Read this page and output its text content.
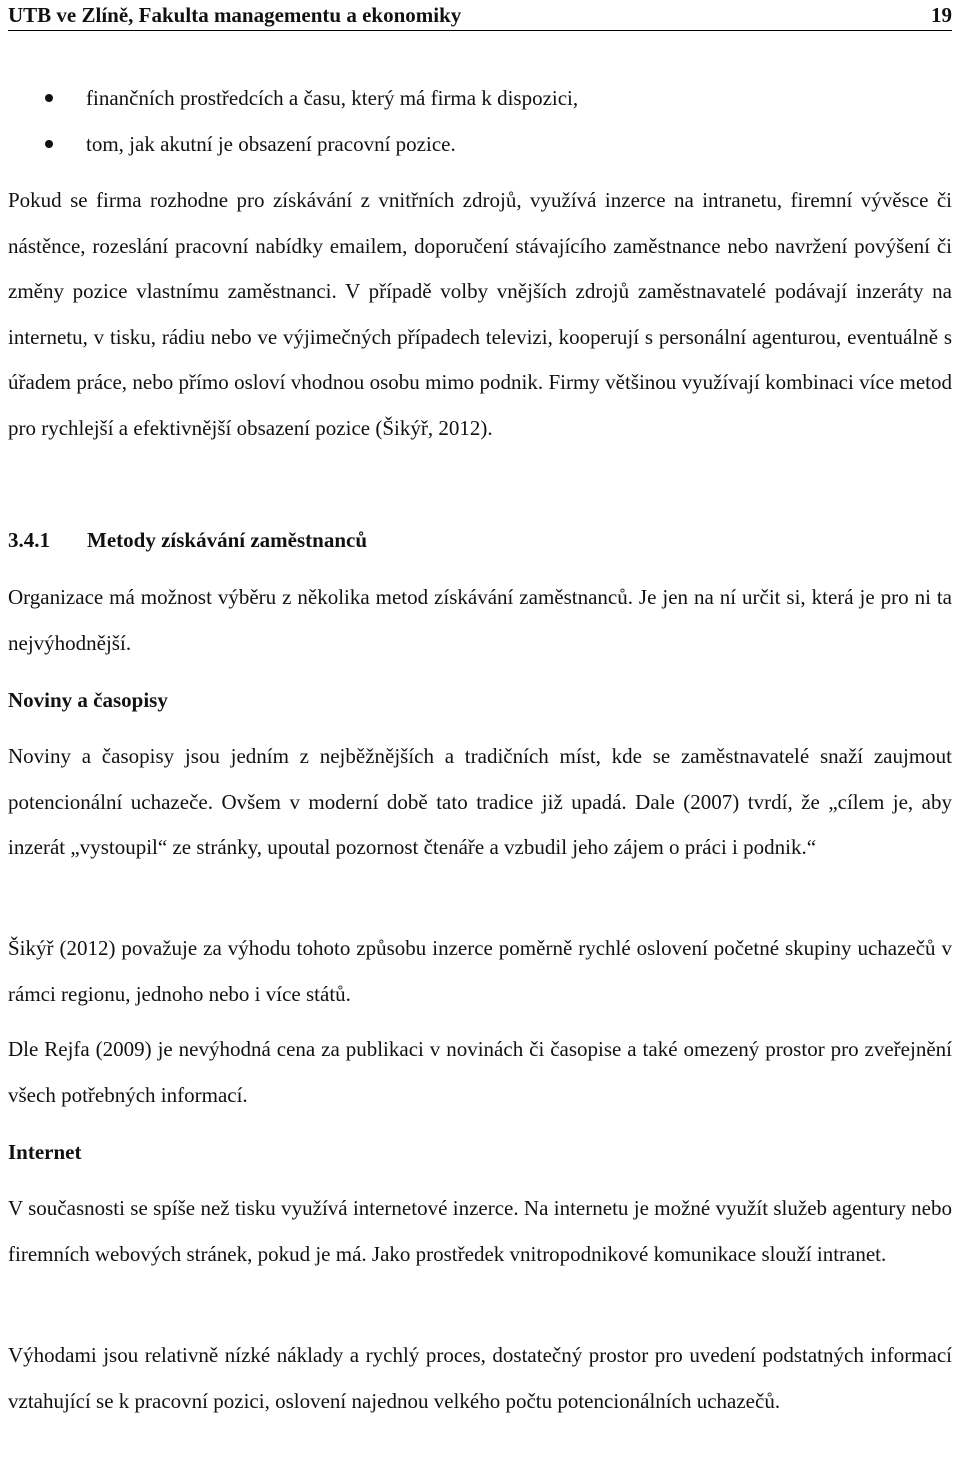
UTB ve Zlíně, Fakulta managementu a ekonomiky	19
finančních prostředcích a času, který má firma k dispozici,
tom, jak akutní je obsazení pracovní pozice.

Pokud se firma rozhodne pro získávání z vnitřních zdrojů, využívá inzerce na intranetu, firemní vývěsce či nástěnce, rozeslání pracovní nabídky emailem, doporučení stávajícího zaměstnance nebo navržení povýšení či změny pozice vlastnímu zaměstnanci. V případě volby vnějších zdrojů zaměstnavatelé podávají inzeráty na internetu, v tisku, rádiu nebo ve výjimečných případech televizi, kooperují s personální agenturou, eventuálně s úřadem práce, nebo přímo osloví vhodnou osobu mimo podnik. Firmy většinou využívají kombinaci více metod pro rychlejší a efektivnější obsazení pozice (Šikýř, 2012).

3.4.1 Metody získávání zaměstnanců

Organizace má možnost výběru z několika metod získávání zaměstnanců. Je jen na ní určit si, která je pro ni ta nejvýhodnější.

Noviny a časopisy

Noviny a časopisy jsou jedním z nejběžnějších a tradičních míst, kde se zaměstnavatelé snaží zaujmout potencionální uchazeče. Ovšem v moderní době tato tradice již upadá. Dale (2007) tvrdí, že „cílem je, aby inzerát „vystoupil“ ze stránky, upoutal pozornost čtenáře a vzbudil jeho zájem o práci i podnik.“

Šikýř (2012) považuje za výhodu tohoto způsobu inzerce poměrně rychlé oslovení početné skupiny uchazečů v rámci regionu, jednoho nebo i více států.

Dle Rejfa (2009) je nevýhodná cena za publikaci v novinách či časopise a také omezený prostor pro zveřejnění všech potřebných informací.

Internet

V současnosti se spíše než tisku využívá internetové inzerce. Na internetu je možné využít služeb agentury nebo firemních webových stránek, pokud je má. Jako prostředek vnitropodnikové komunikace slouží intranet.

Výhodami jsou relativně nízké náklady a rychlý proces, dostatečný prostor pro uvedení podstatných informací vztahující se k pracovní pozici, oslovení najednou velkého počtu potencionálních uchazečů.
